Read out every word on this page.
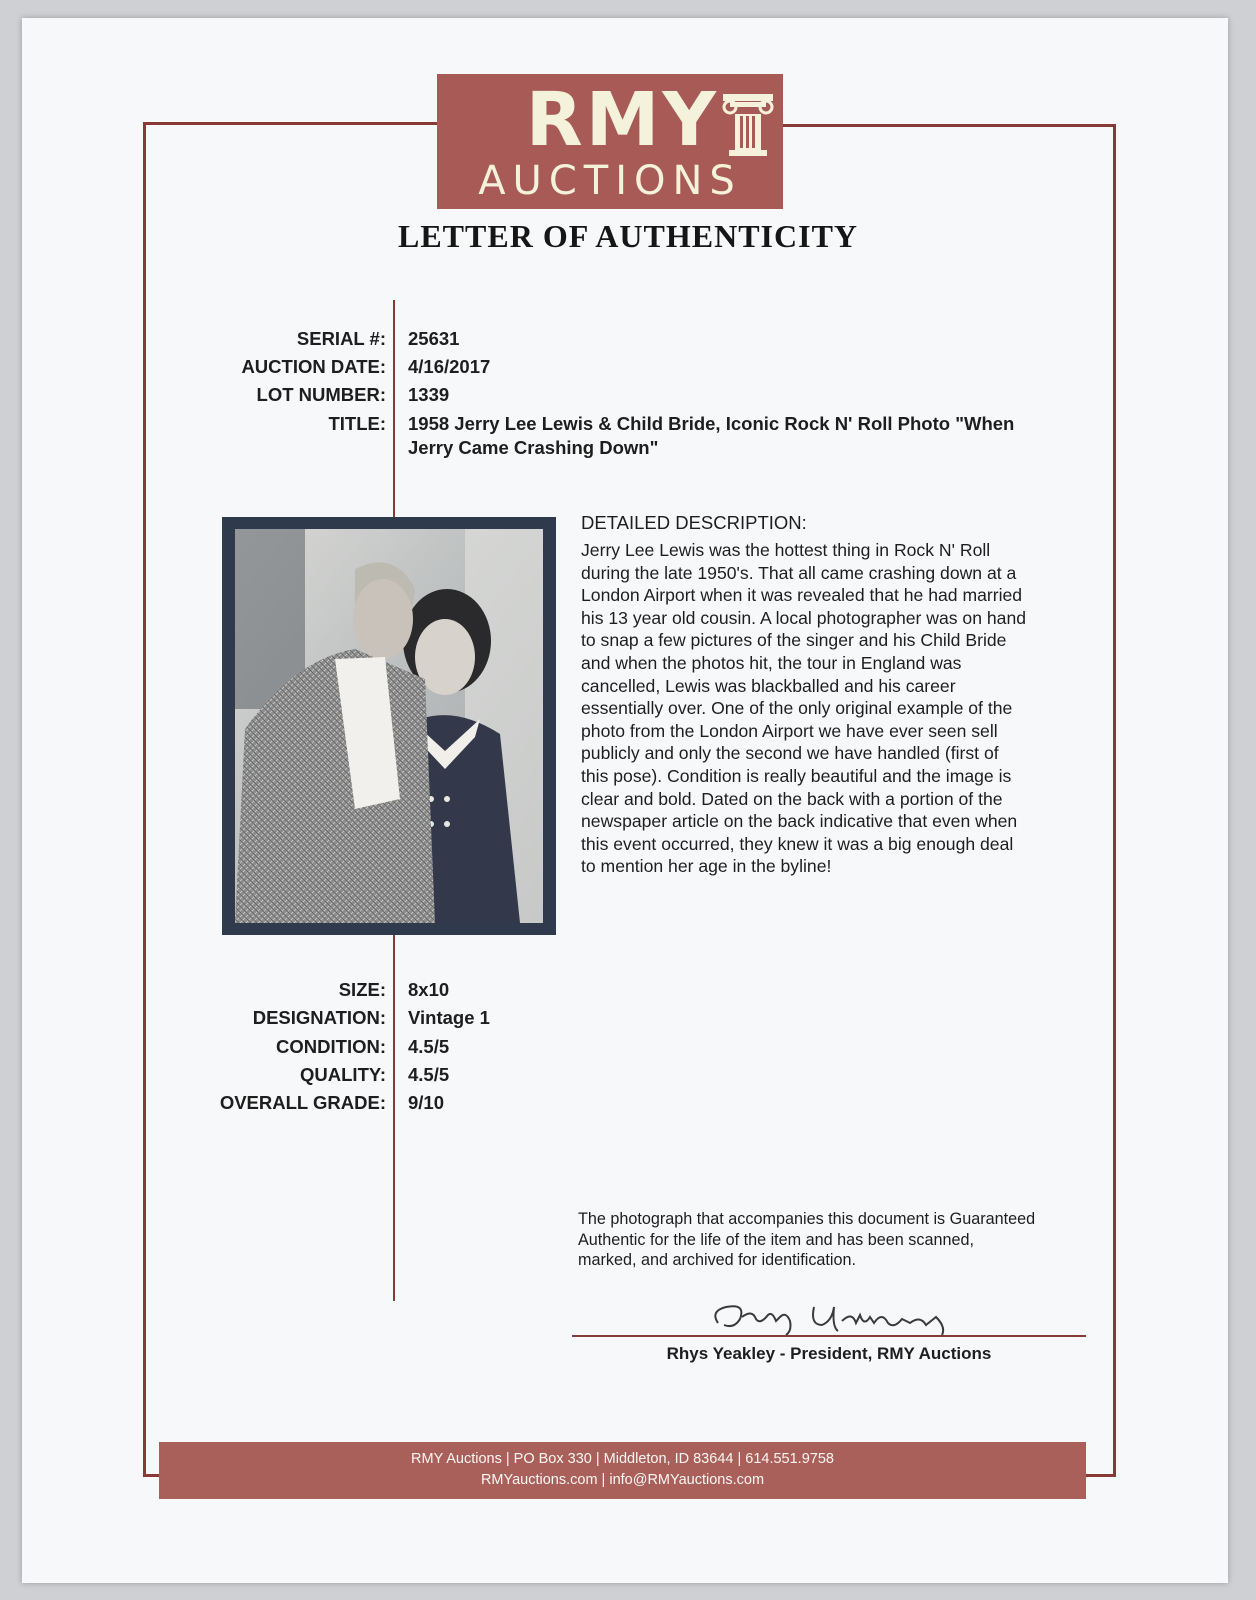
RMY
AUCTIONS
LETTER OF AUTHENTICITY
SERIAL #: 25631
AUCTION DATE: 4/16/2017
LOT NUMBER: 1339
TITLE: 1958 Jerry Lee Lewis & Child Bride, Iconic Rock N' Roll Photo "When
Jerry Came Crashing Down"
DETAILED DESCRIPTION:
Jerry Lee Lewis was the hottest thing in Rock N' Roll
during the late 1950's. That all came crashing down at a
London Airport when it was revealed that he had married
his 13 year old cousin. A local photographer was on hand
to snap a few pictures of the singer and his Child Bride
and when the photos hit, the tour in England was
cancelled, Lewis was blackballed and his career
essentially over. One of the only original example of the
photo from the London Airport we have ever seen sell
publicly and only the second we have handled (first of
this pose). Condition is really beautiful and the image is
clear and bold. Dated on the back with a portion of the
newspaper article on the back indicative that even when
this event occurred, they knew it was a big enough deal
to mention her age in the byline!
SIZE: 8x10
DESIGNATION: Vintage 1
CONDITION: 4.5/5
QUALITY: 4.5/5
OVERALL GRADE: 9/10
The photograph that accompanies this document is Guaranteed
Authentic for the life of the item and has been scanned,
marked, and archived for identification.
Rhys Yeakley - President, RMY Auctions
RMY Auctions | PO Box 330 | Middleton, ID 83644 | 614.551.9758
RMYauctions.com | info@RMYauctions.com
